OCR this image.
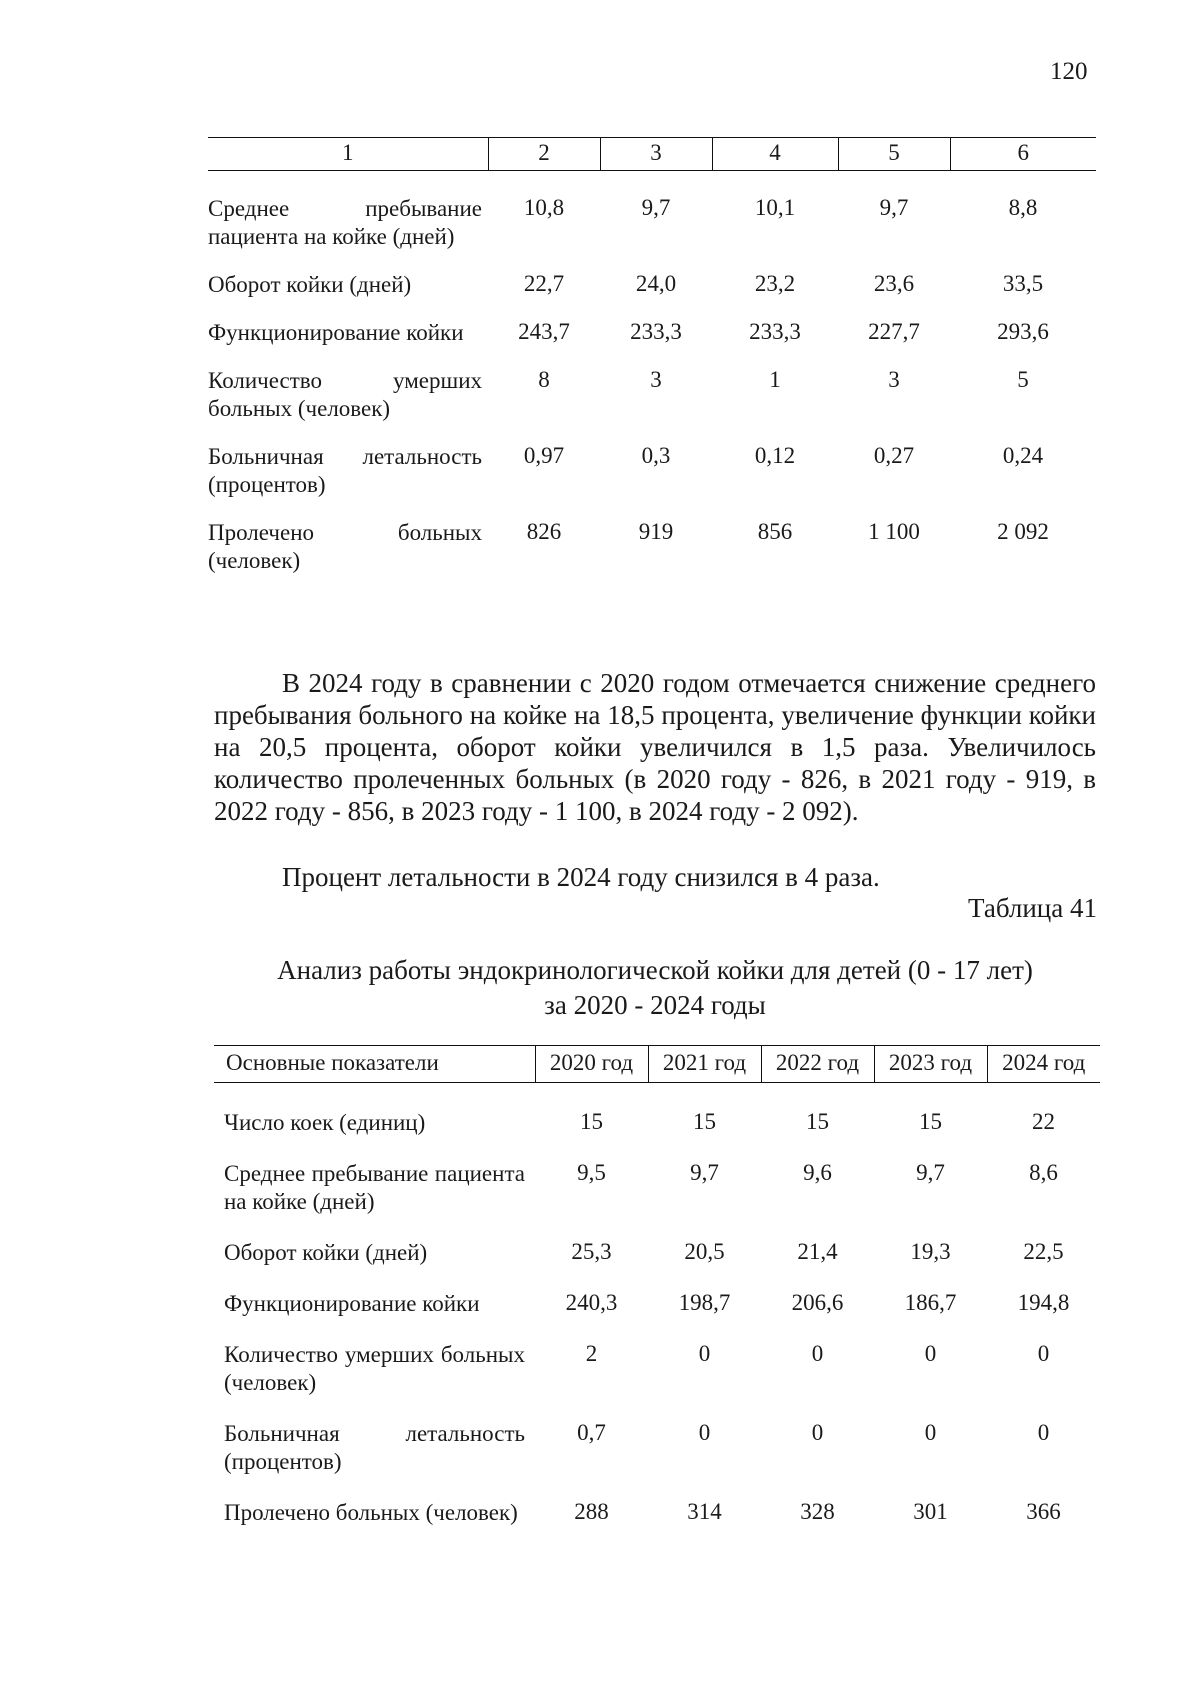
120
1	2	3	4	5	6

Среднее пребывание пациента на койке (дней)	10,8	9,7	10,1	9,7	8,8
Оборот койки (дней)	22,7	24,0	23,2	23,6	33,5
Функционирование койки	243,7	233,3	233,3	227,7	293,6
Количество умерших больных (человек)	8	3	1	3	5
Больничная летальность (процентов)	0,97	0,3	0,12	0,27	0,24
Пролечено больных (человек)	826	919	856	1 100	2 092

В 2024 году в сравнении с 2020 годом отмечается снижение среднего пребывания больного на койке на 18,5 процента, увеличение функции койки на 20,5 процента, оборот койки увеличился в 1,5 раза. Увеличилось количество пролеченных больных (в 2020 году - 826, в 2021 году - 919, в 2022 году - 856, в 2023 году - 1 100, в 2024 году - 2 092).

Процент летальности в 2024 году снизился в 4 раза.

Таблица 41
Анализ работы эндокринологической койки для детей (0 - 17 лет)
за 2020 - 2024 годы
Основные показатели	2020 год	2021 год	2022 год	2023 год	2024 год

Число коек (единиц)	15	15	15	15	22
Среднее пребывание пациента на койке (дней)	9,5	9,7	9,6	9,7	8,6
Оборот койки (дней)	25,3	20,5	21,4	19,3	22,5
Функционирование койки	240,3	198,7	206,6	186,7	194,8
Количество умерших больных (человек)	2	0	0	0	0
Больничная летальность (процентов)	0,7	0	0	0	0
Пролечено больных (человек)	288	314	328	301	366
